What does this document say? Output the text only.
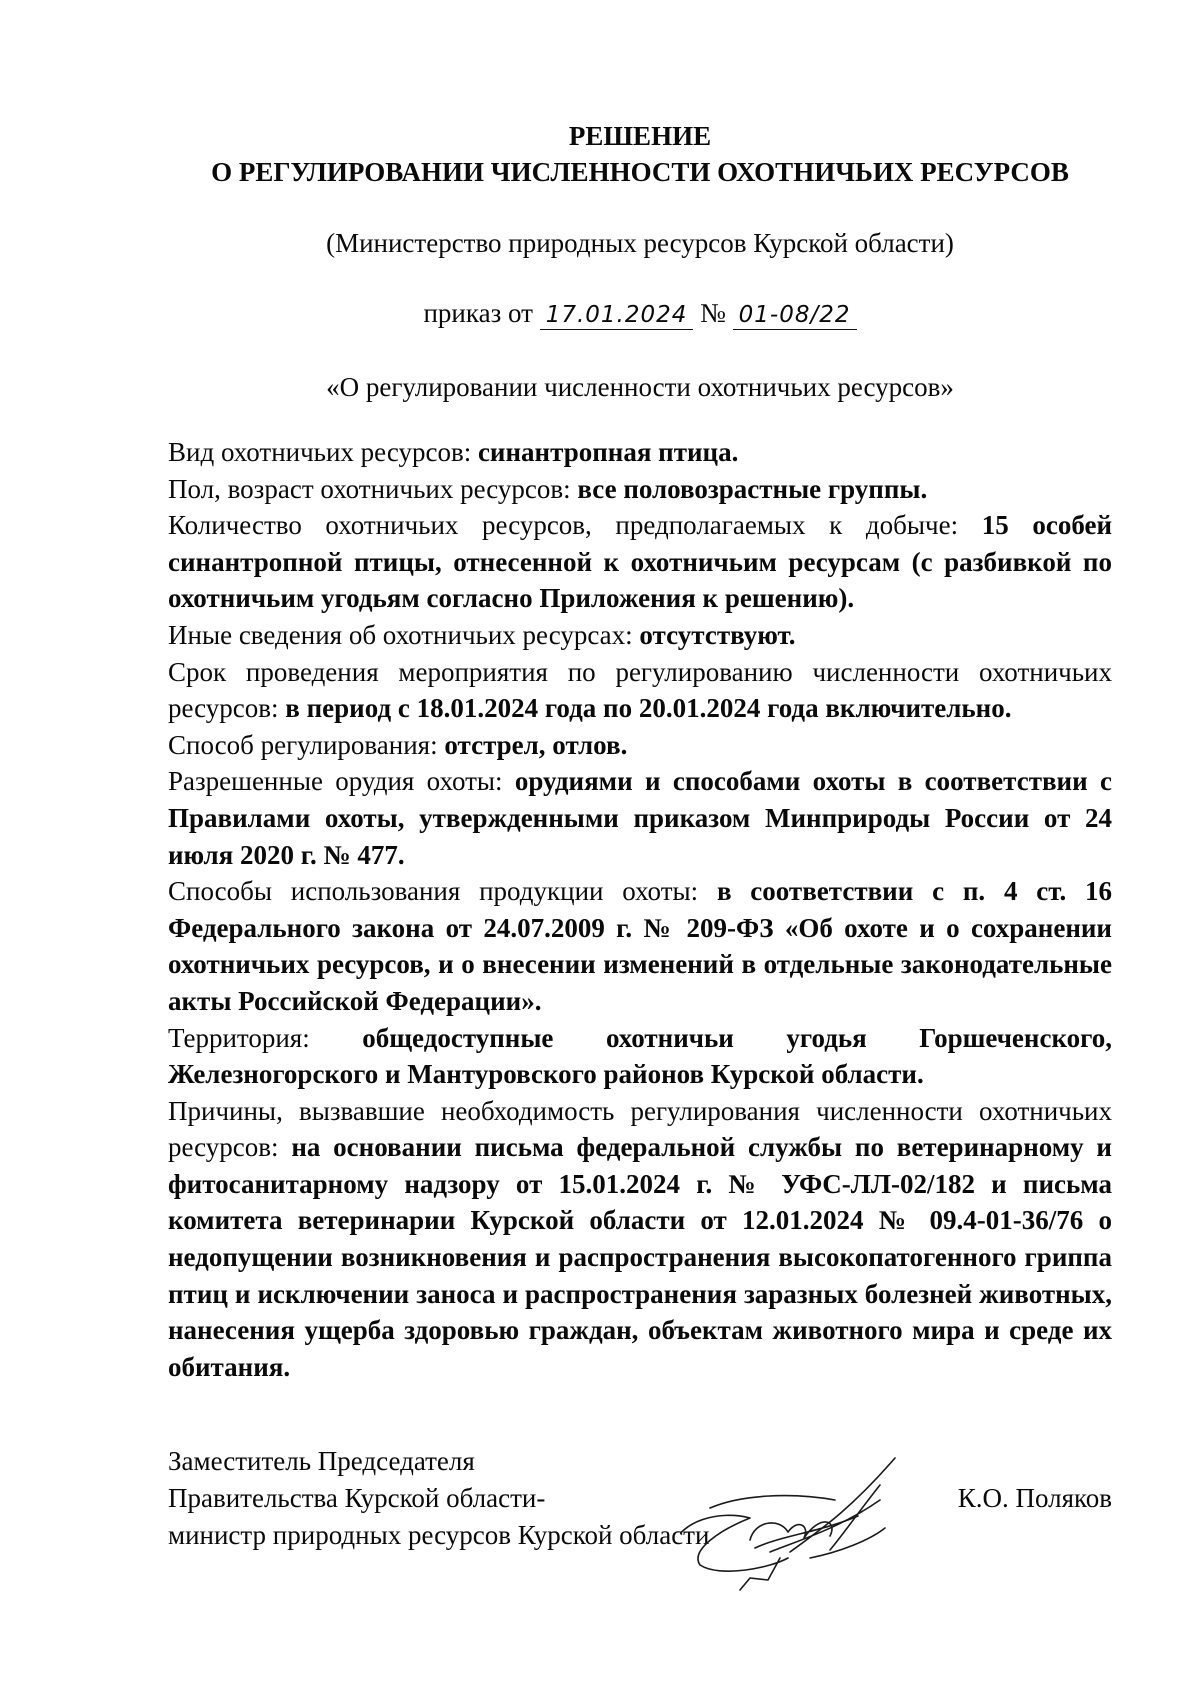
РЕШЕНИЕ
О РЕГУЛИРОВАНИИ ЧИСЛЕННОСТИ ОХОТНИЧЬИХ РЕСУРСОВ
(Министерство природных ресурсов Курской области)
приказ от 17.01.2024 № 01-08/22
«О регулировании численности охотничьих ресурсов»

Вид охотничьих ресурсов: синантропная птица.

Пол, возраст охотничьих ресурсов: все половозрастные группы.

Количество охотничьих ресурсов, предполагаемых к добыче: 15 особей синантропной птицы, отнесенной к охотничьим ресурсам (с разбивкой по охотничьим угодьям согласно Приложения к решению).

Иные сведения об охотничьих ресурсах: отсутствуют.

Срок проведения мероприятия по регулированию численности охотничьих ресурсов: в период с 18.01.2024 года по 20.01.2024 года включительно.

Способ регулирования: отстрел, отлов.

Разрешенные орудия охоты: орудиями и способами охоты в соответствии с Правилами охоты, утвержденными приказом Минприроды России от 24 июля 2020 г. № 477.

Способы использования продукции охоты: в соответствии с п. 4 ст. 16 Федерального закона от 24.07.2009 г. № 209-ФЗ «Об охоте и о сохранении охотничьих ресурсов, и о внесении изменений в отдельные законодательные акты Российской Федерации».

Территория: общедоступные охотничьи угодья Горшеченского, Железногорского и Мантуровского районов Курской области.

Причины, вызвавшие необходимость регулирования численности охотничьих ресурсов: на основании письма федеральной службы по ветеринарному и фитосанитарному надзору от 15.01.2024 г. № УФС-ЛЛ-02/182 и письма комитета ветеринарии Курской области от 12.01.2024 № 09.4-01-36/76 о недопущении возникновения и распространения высокопатогенного гриппа птиц и исключении заноса и распространения заразных болезней животных, нанесения ущерба здоровью граждан, объектам животного мира и среде их обитания.

Заместитель Председателя
Правительства Курской области-	К.О. Поляков
министр природных ресурсов Курской области
